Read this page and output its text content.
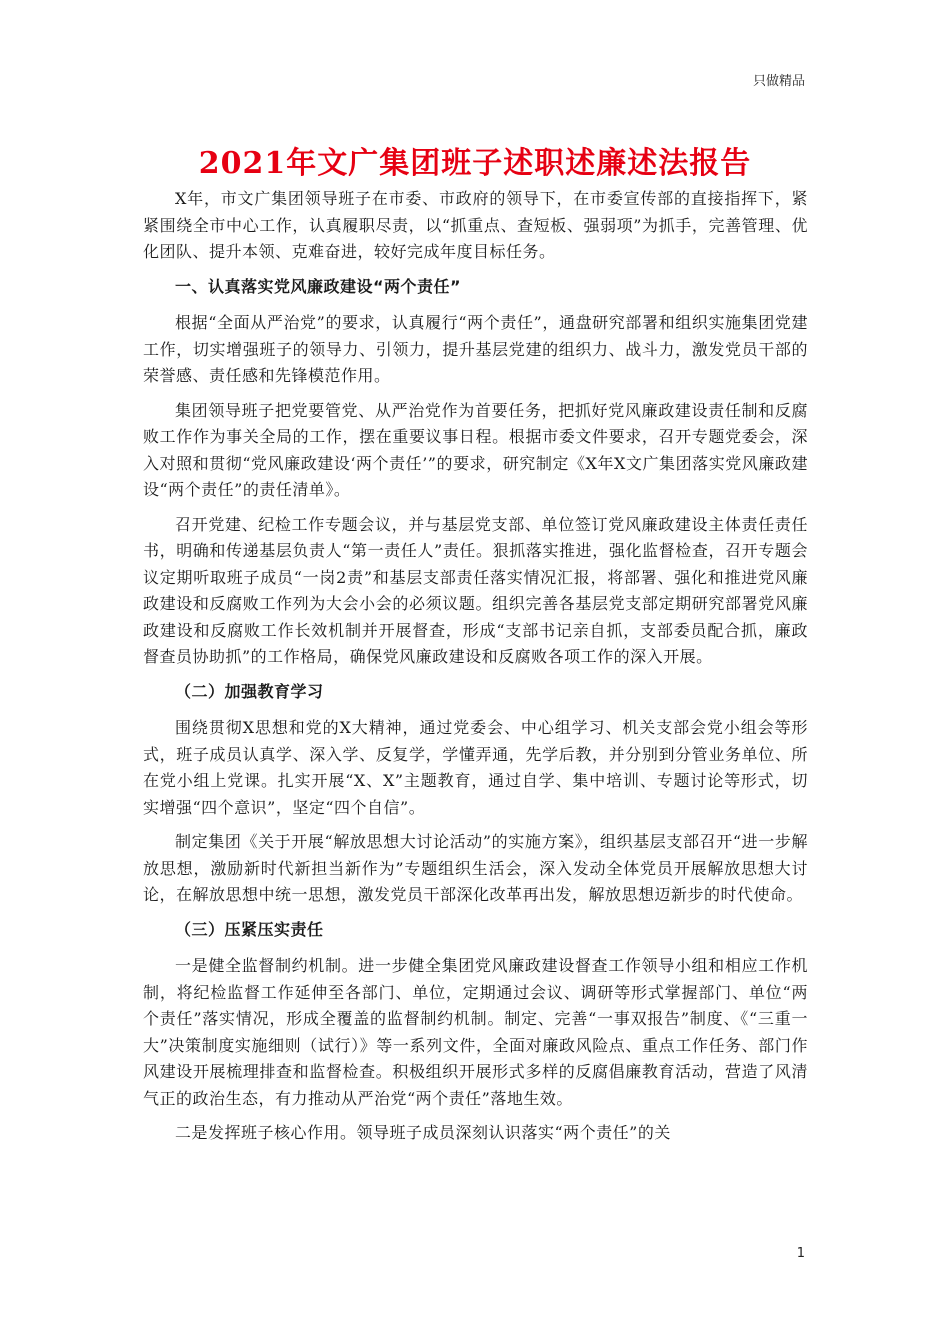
只做精品
2021年文广集团班子述职述廉述法报告

X年，市文广集团领导班子在市委、市政府的领导下，在市委宣传部的直接指挥下，紧紧围绕全市中心工作，认真履职尽责，以“抓重点、查短板、强弱项”为抓手，完善管理、优化团队、提升本领、克难奋进，较好完成年度目标任务。

一、认真落实党风廉政建设“两个责任”

根据“全面从严治党”的要求，认真履行“两个责任”，通盘研究部署和组织实施集团党建工作，切实增强班子的领导力、引领力，提升基层党建的组织力、战斗力，激发党员干部的荣誉感、责任感和先锋模范作用。

集团领导班子把党要管党、从严治党作为首要任务，把抓好党风廉政建设责任制和反腐败工作作为事关全局的工作，摆在重要议事日程。根据市委文件要求，召开专题党委会，深入对照和贯彻“党风廉政建设‘两个责任’”的要求，研究制定《X年X文广集团落实党风廉政建设“两个责任”的责任清单》。

召开党建、纪检工作专题会议，并与基层党支部、单位签订党风廉政建设主体责任责任书，明确和传递基层负责人“第一责任人”责任。狠抓落实推进，强化监督检查，召开专题会议定期听取班子成员“一岗2责”和基层支部责任落实情况汇报，将部署、强化和推进党风廉政建设和反腐败工作列为大会小会的必须议题。组织完善各基层党支部定期研究部署党风廉政建设和反腐败工作长效机制并开展督查，形成“支部书记亲自抓，支部委员配合抓，廉政督查员协助抓”的工作格局，确保党风廉政建设和反腐败各项工作的深入开展。

（二）加强教育学习

围绕贯彻X思想和党的X大精神，通过党委会、中心组学习、机关支部会党小组会等形式，班子成员认真学、深入学、反复学，学懂弄通，先学后教，并分别到分管业务单位、所在党小组上党课。扎实开展“X、X”主题教育，通过自学、集中培训、专题讨论等形式，切实增强“四个意识”，坚定“四个自信”。

制定集团《关于开展“解放思想大讨论活动”的实施方案》，组织基层支部召开“进一步解放思想，激励新时代新担当新作为”专题组织生活会，深入发动全体党员开展解放思想大讨论，在解放思想中统一思想，激发党员干部深化改革再出发，解放思想迈新步的时代使命。

（三）压紧压实责任

一是健全监督制约机制。进一步健全集团党风廉政建设督查工作领导小组和相应工作机制，将纪检监督工作延伸至各部门、单位，定期通过会议、调研等形式掌握部门、单位“两个责任”落实情况，形成全覆盖的监督制约机制。制定、完善“一事双报告”制度、《“三重一大”决策制度实施细则（试行）》等一系列文件，全面对廉政风险点、重点工作任务、部门作风建设开展梳理排查和监督检查。积极组织开展形式多样的反腐倡廉教育活动，营造了风清气正的政治生态，有力推动从严治党“两个责任”落地生效。

二是发挥班子核心作用。领导班子成员深刻认识落实“两个责任”的关

1
